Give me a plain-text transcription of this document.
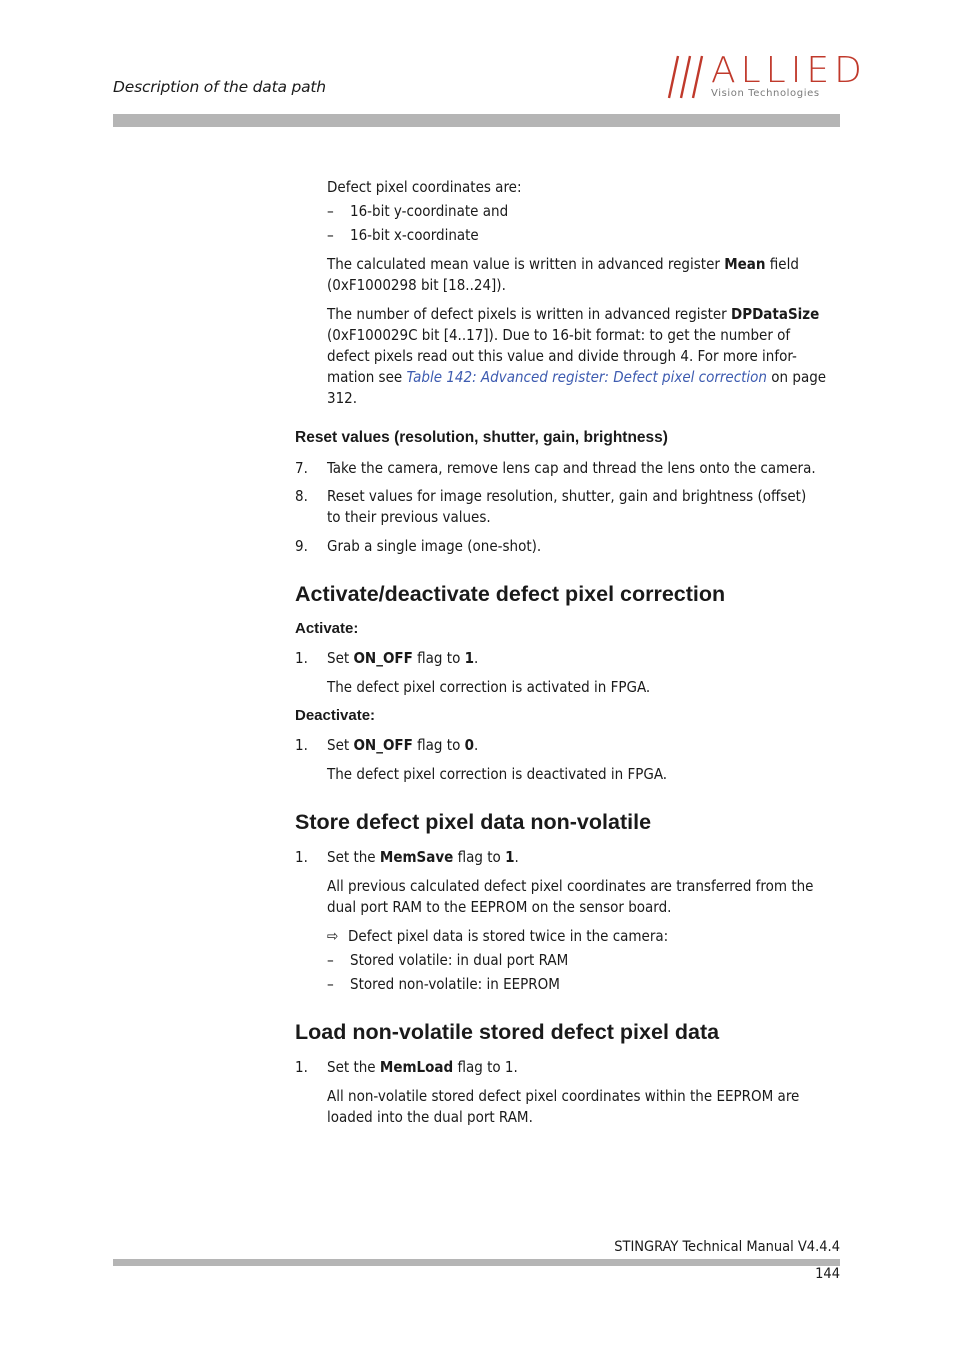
Description of the data path	ALLIED
Vision Technologies
Defect pixel coordinates are:
– 16-bit y-coordinate and
– 16-bit x-coordinate
The calculated mean value is written in advanced register Mean field
(0xF1000298 bit [18..24]).
The number of defect pixels is written in advanced register DPDataSize
(0xF100029C bit [4..17]). Due to 16-bit format: to get the number of
defect pixels read out this value and divide through 4. For more infor-
mation see Table 142: Advanced register: Defect pixel correction on page
312.
Reset values (resolution, shutter, gain, brightness)
7. Take the camera, remove lens cap and thread the lens onto the camera.
8. Reset values for image resolution, shutter, gain and brightness (offset)
to their previous values.
9. Grab a single image (one-shot).
Activate/deactivate defect pixel correction
Activate:
1. Set ON_OFF flag to 1.
The defect pixel correction is activated in FPGA.
Deactivate:
1. Set ON_OFF flag to 0.
The defect pixel correction is deactivated in FPGA.
Store defect pixel data non-volatile
1. Set the MemSave flag to 1.
All previous calculated defect pixel coordinates are transferred from the
dual port RAM to the EEPROM on the sensor board.
⇨ Defect pixel data is stored twice in the camera:
– Stored volatile: in dual port RAM
– Stored non-volatile: in EEPROM
Load non-volatile stored defect pixel data
1. Set the MemLoad flag to 1.
All non-volatile stored defect pixel coordinates within the EEPROM are
loaded into the dual port RAM.
STINGRAY Technical Manual V4.4.4
144
